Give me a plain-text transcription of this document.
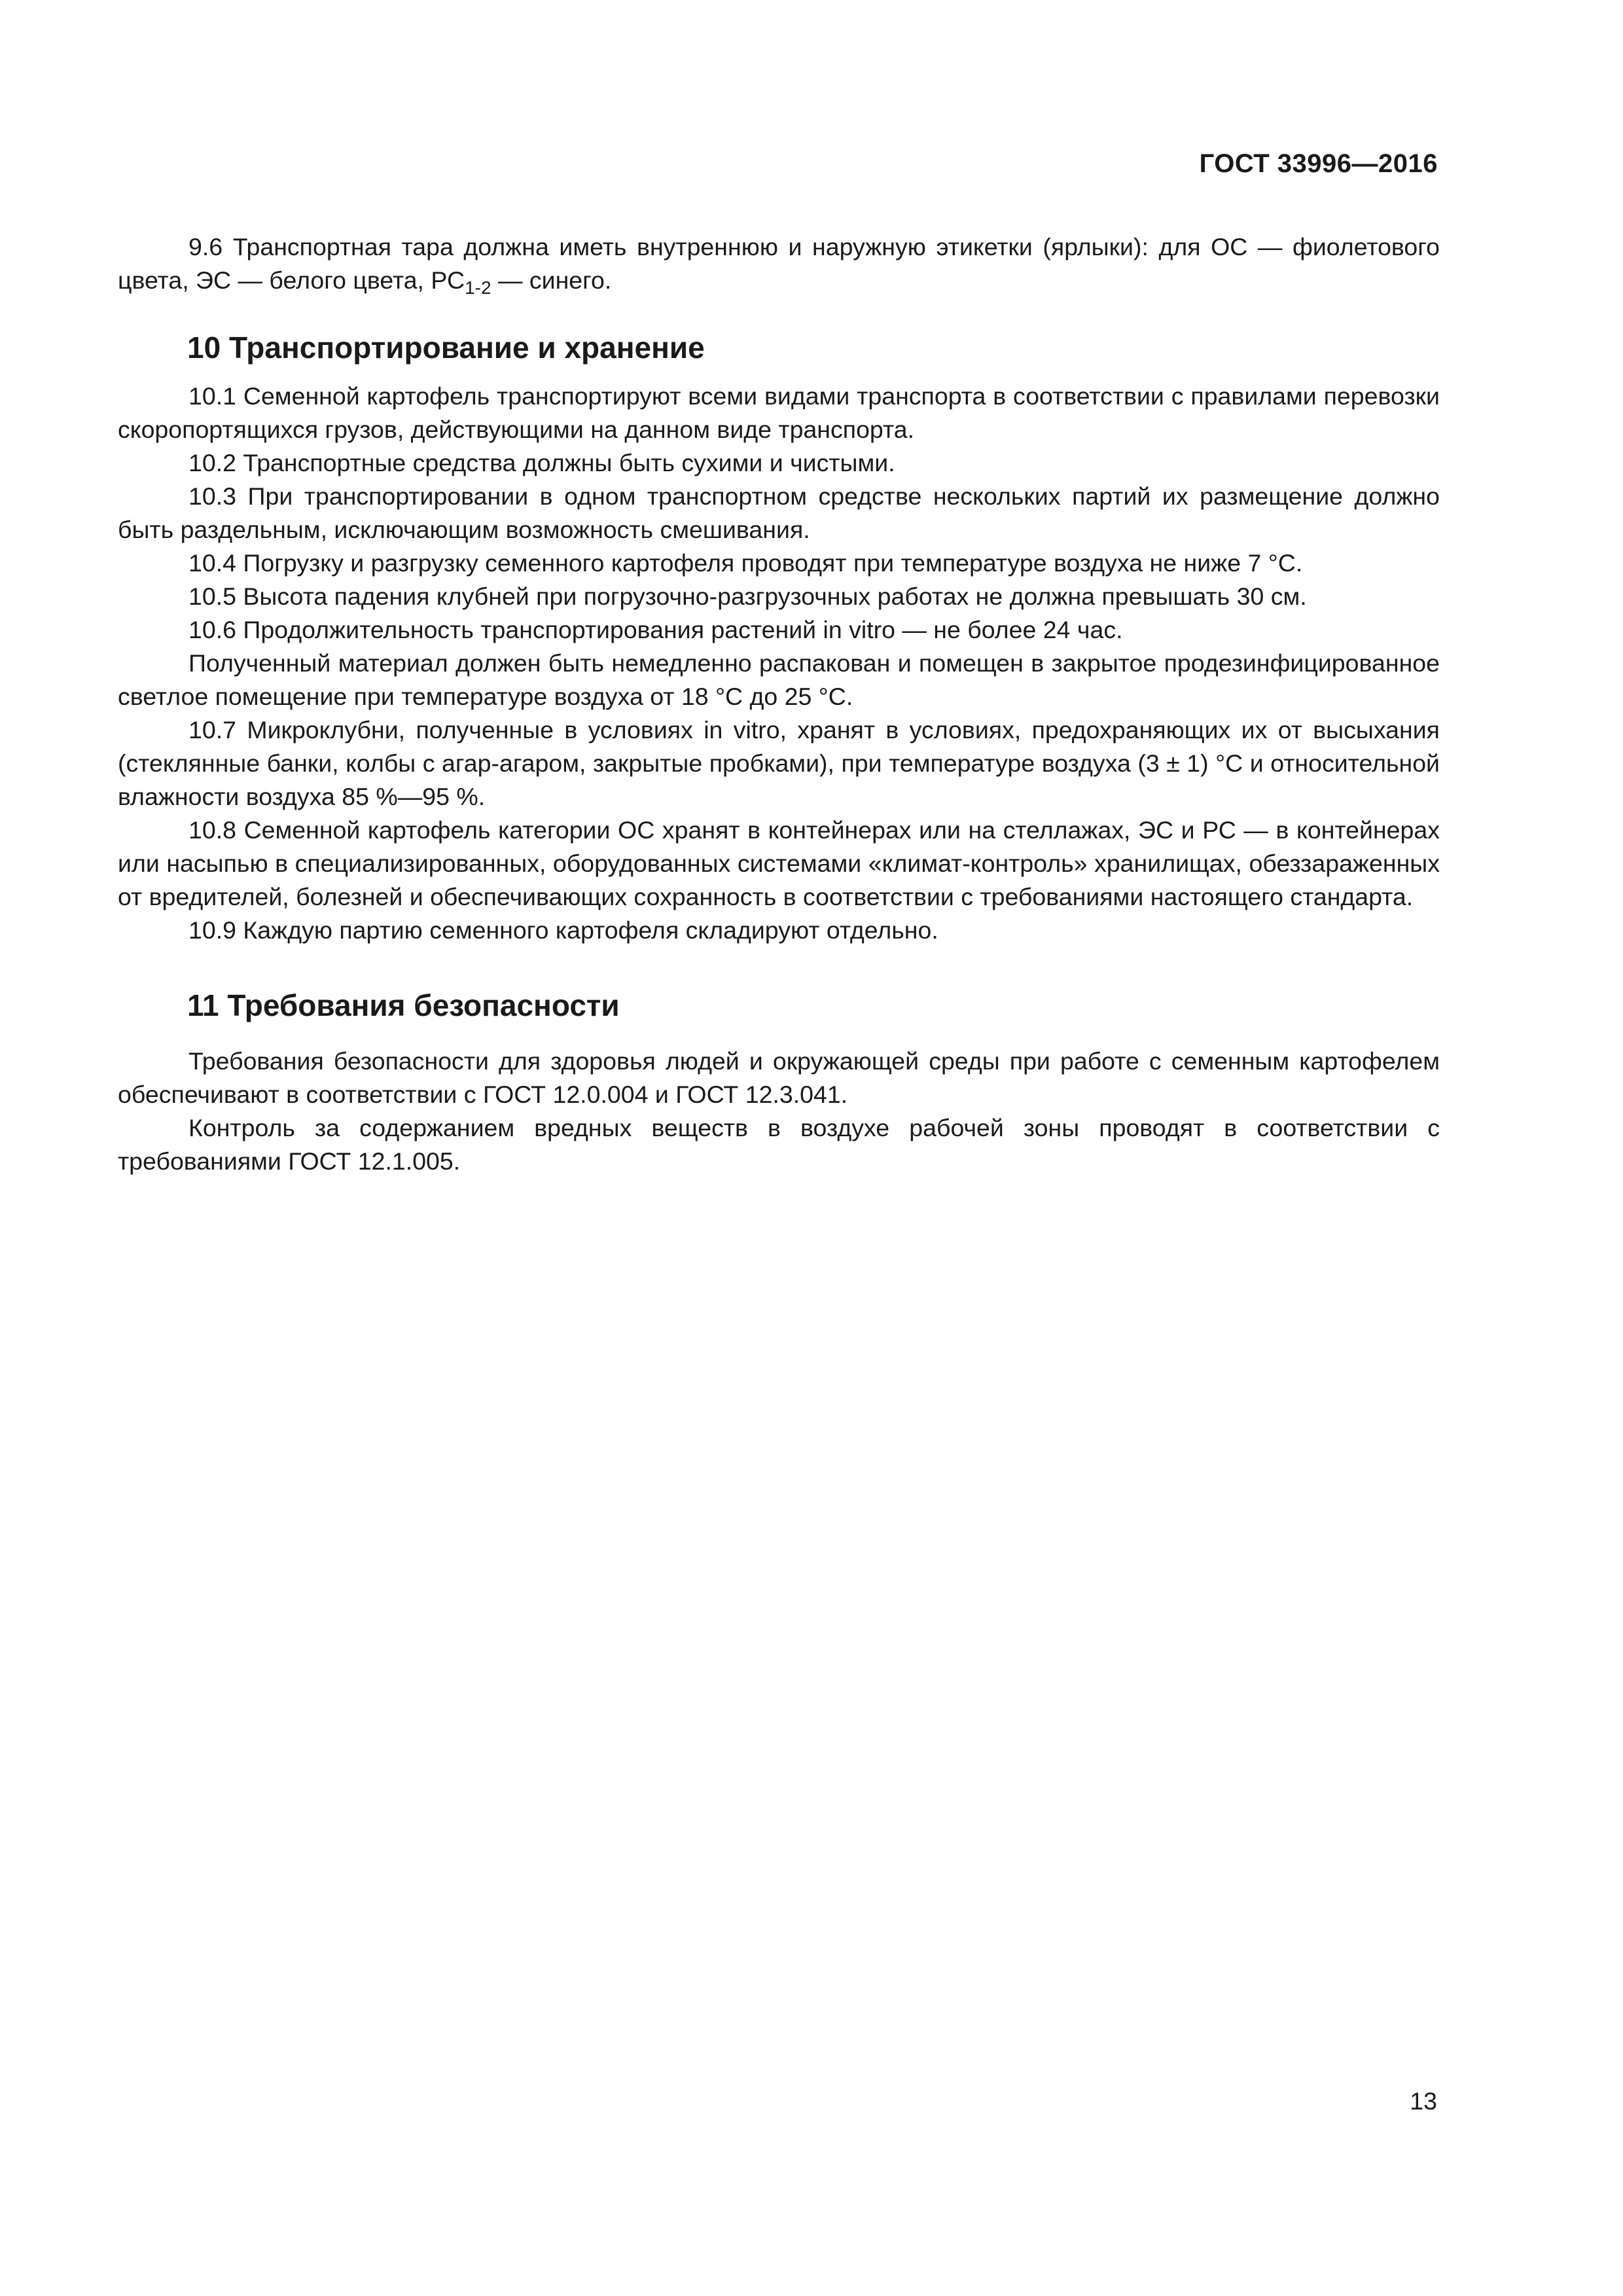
ГОСТ 33996—2016

9.6 Транспортная тара должна иметь внутреннюю и наружную этикетки (ярлыки): для ОС — фиолетового цвета, ЭС — белого цвета, $РС_{1-2}$ — синего.

10 Транспортирование и хранение

10.1 Семенной картофель транспортируют всеми видами транспорта в соответствии с правилами перевозки скоропортящихся грузов, действующими на данном виде транспорта.

10.2 Транспортные средства должны быть сухими и чистыми.

10.3 При транспортировании в одном транспортном средстве нескольких партий их размещение должно быть раздельным, исключающим возможность смешивания.

10.4 Погрузку и разгрузку семенного картофеля проводят при температуре воздуха не ниже 7 °С.

10.5 Высота падения клубней при погрузочно-разгрузочных работах не должна превышать 30 см.

10.6 Продолжительность транспортирования растений in vitro — не более 24 час.

Полученный материал должен быть немедленно распакован и помещен в закрытое продезинфицированное светлое помещение при температуре воздуха от 18 °С до 25 °С.

10.7 Микроклубни, полученные в условиях in vitro, хранят в условиях, предохраняющих их от высыхания (стеклянные банки, колбы с агар-агаром, закрытые пробками), при температуре воздуха (3 ± 1) °С и относительной влажности воздуха 85 %—95 %.

10.8 Семенной картофель категории ОС хранят в контейнерах или на стеллажах, ЭС и РС — в контейнерах или насыпью в специализированных, оборудованных системами «климат-контроль» хранилищах, обеззараженных от вредителей, болезней и обеспечивающих сохранность в соответствии с требованиями настоящего стандарта.

10.9 Каждую партию семенного картофеля складируют отдельно.

11 Требования безопасности

Требования безопасности для здоровья людей и окружающей среды при работе с семенным картофелем обеспечивают в соответствии с ГОСТ 12.0.004 и ГОСТ 12.3.041.

Контроль за содержанием вредных веществ в воздухе рабочей зоны проводят в соответствии с требованиями ГОСТ 12.1.005.

13
